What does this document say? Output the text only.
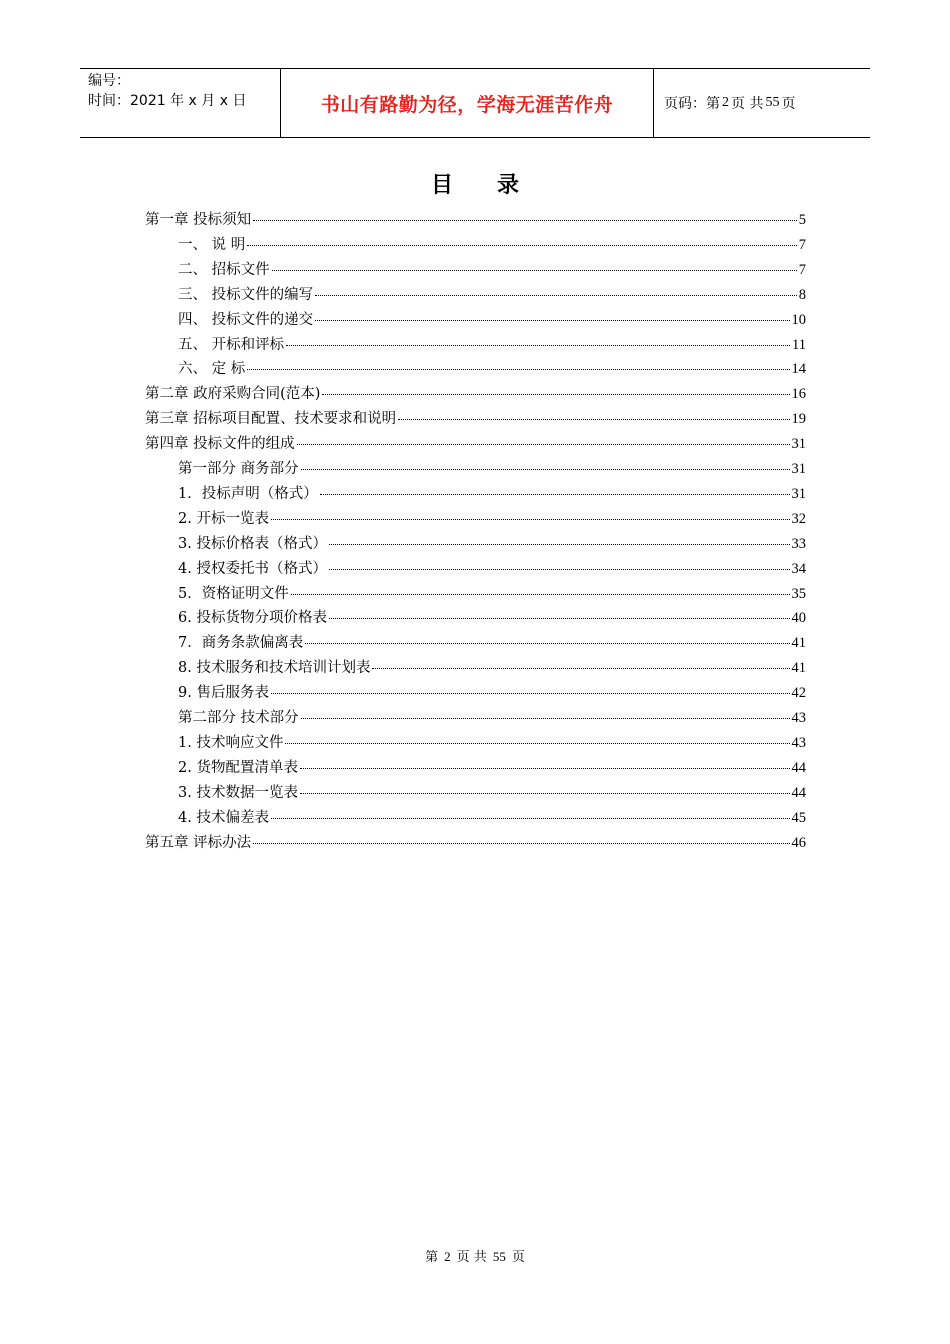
编号：
时间：2021 年 x 月 x 日	书山有路勤为径，学海无涯苦作舟	页码：第 2 页 共 55 页
目 录
第一章 投标须知	5
一、 说 明	7
二、 招标文件	7
三、 投标文件的编写	8
四、 投标文件的递交	10
五、 开标和评标	11
六、 定 标	14
第二章 政府采购合同(范本)	16
第三章 招标项目配置、技术要求和说明	19
第四章 投标文件的组成	31
第一部分 商务部分	31
1．投标声明（格式）	31
2. 开标一览表	32
3. 投标价格表（格式）	33
4. 授权委托书（格式）	34
5．资格证明文件	35
6. 投标货物分项价格表	40
7．商务条款偏离表	41
8. 技术服务和技术培训计划表	41
9. 售后服务表	42
第二部分 技术部分	43
1. 技术响应文件	43
2. 货物配置清单表	44
3. 技术数据一览表	44
4. 技术偏差表	45
第五章 评标办法	46
第 2 页 共 55 页
